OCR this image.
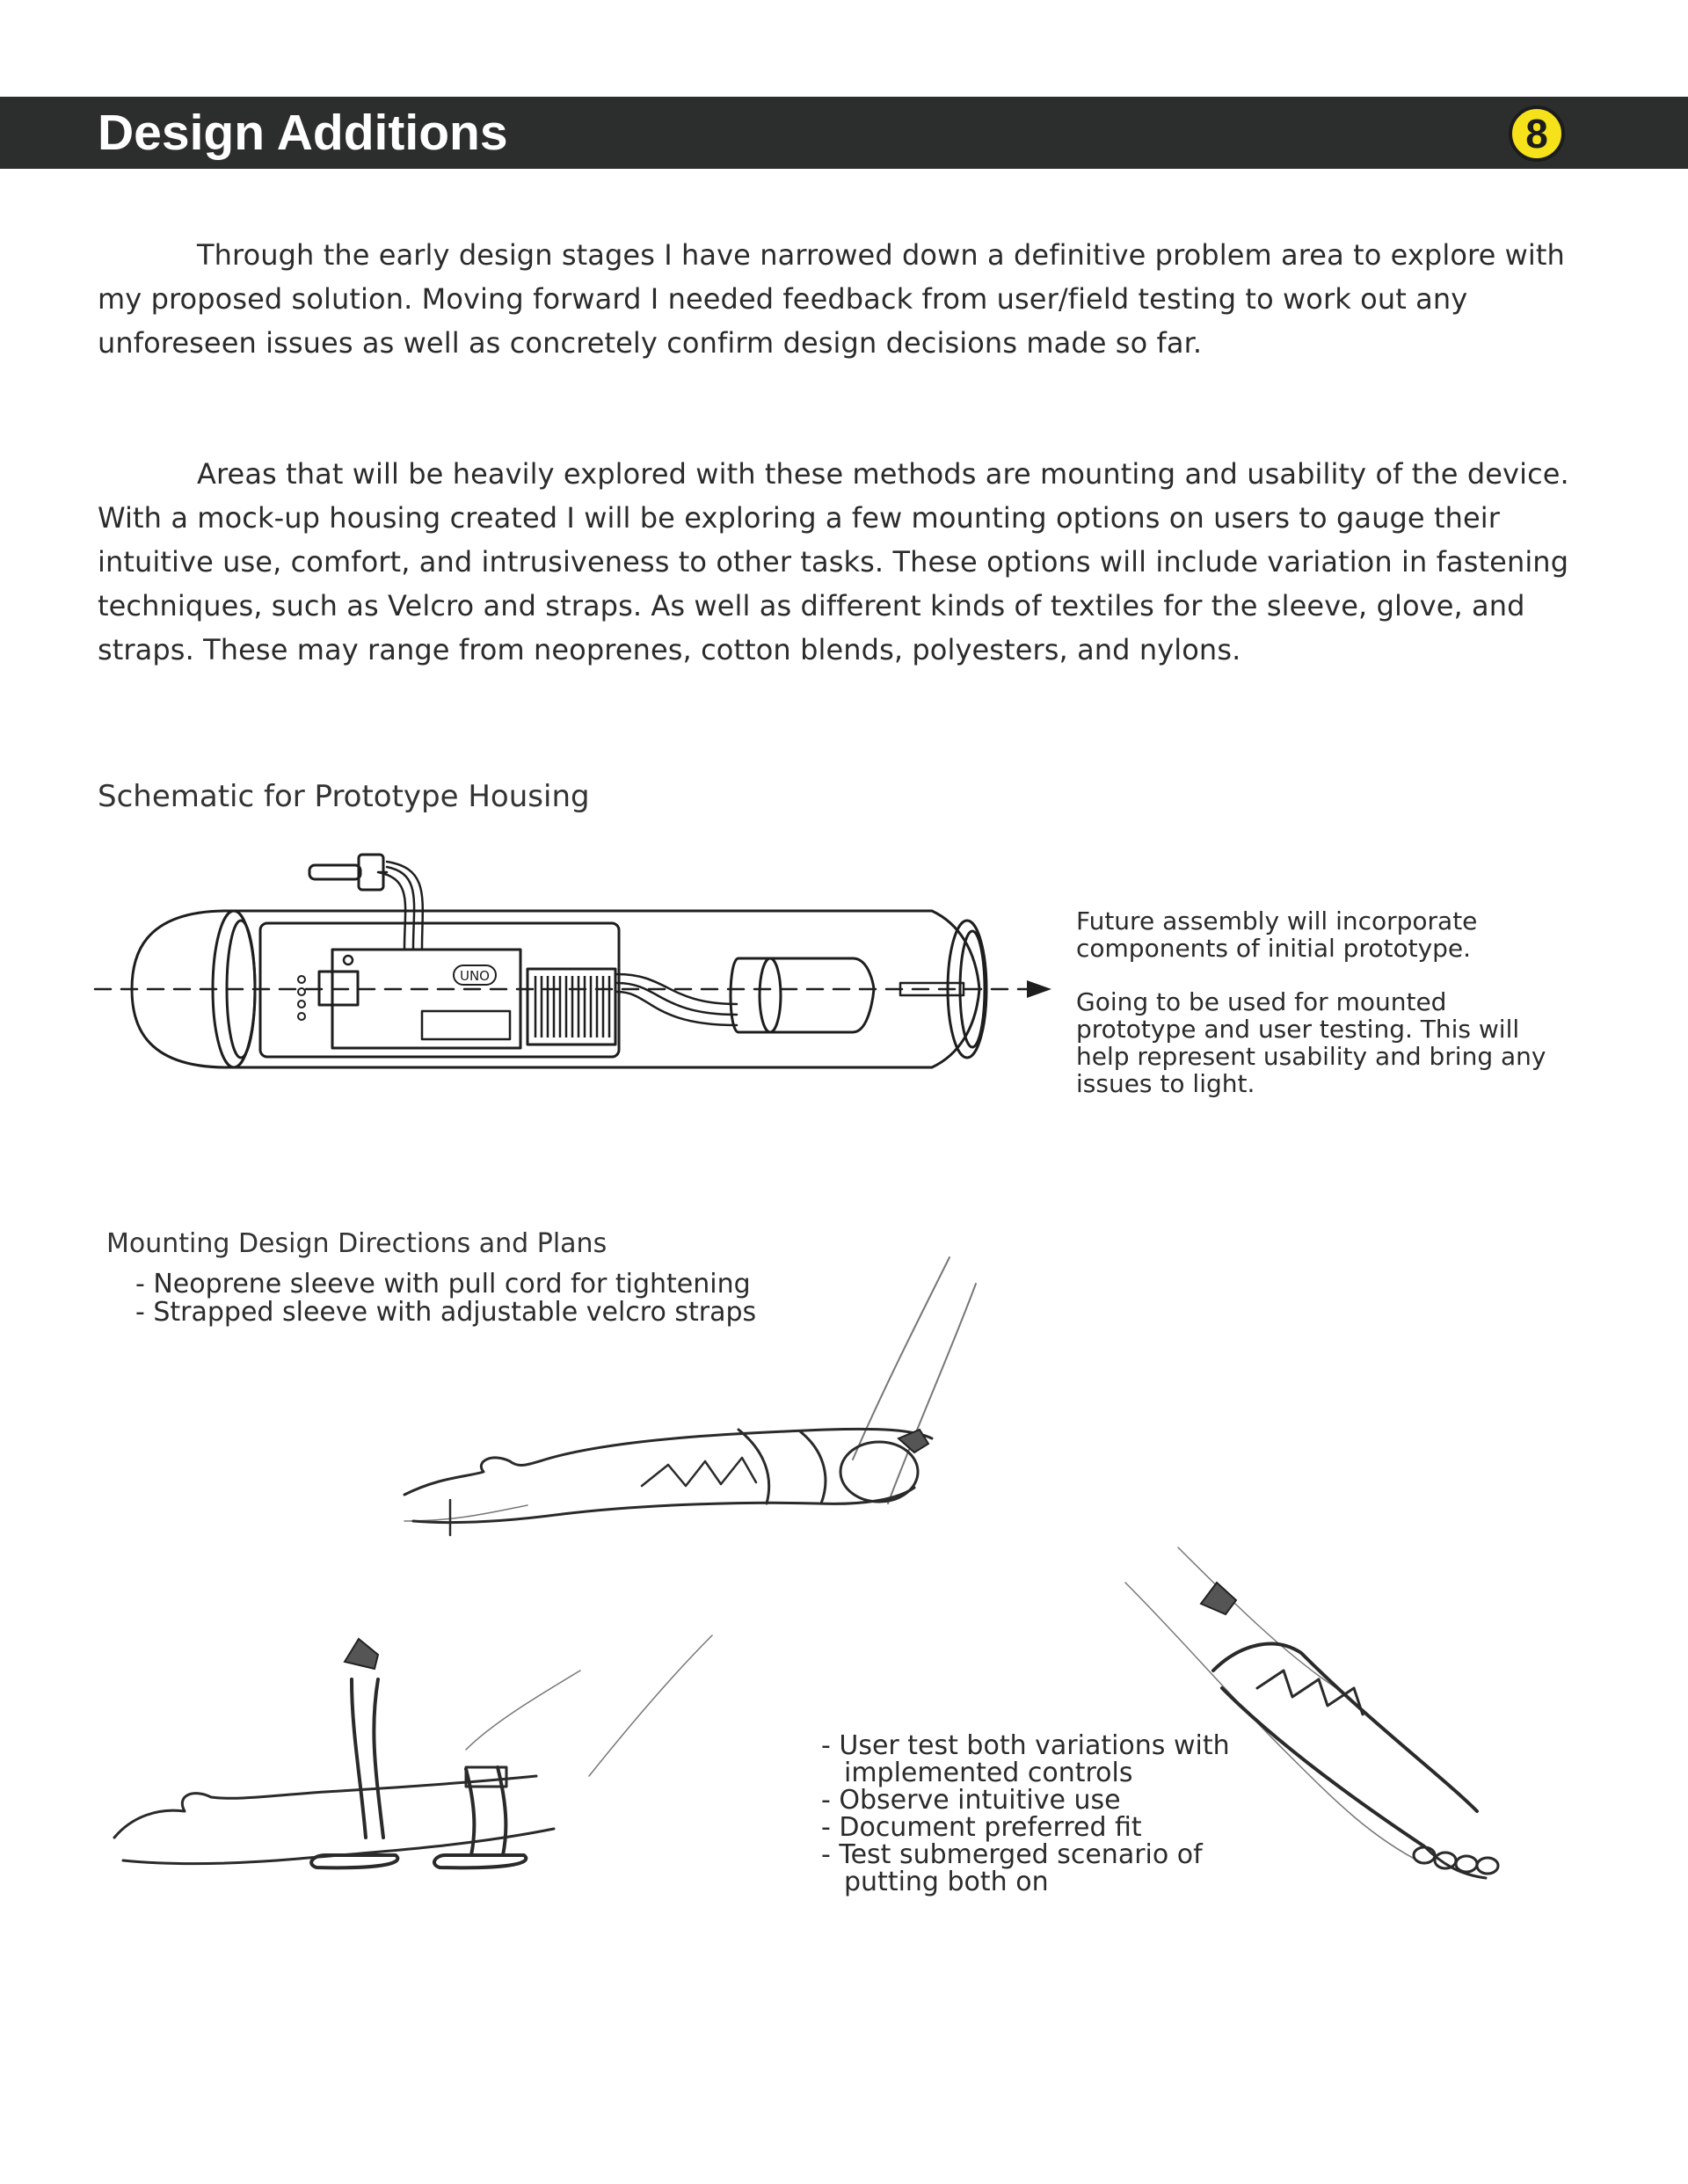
Design Additions	8

Through the early design stages I have narrowed down a definitive problem area to explore with my proposed solution. Moving forward I needed feedback from user/field testing to work out any unforeseen issues as well as concretely confirm design decisions made so far.

Areas that will be heavily explored with these methods are mounting and usability of the device. With a mock-up housing created I will be exploring a few mounting options on users to gauge their intuitive use, comfort, and intrusiveness to other tasks. These options will include variation in fastening techniques, such as Velcro and straps. As well as different kinds of textiles for the sleeve, glove, and straps. These may range from neoprenes, cotton blends, polyesters, and nylons.

Schematic for Prototype Housing
UNO

Future assembly will incorporate

components of initial prototype.

Going to be used for mounted

prototype and user testing. This will

help represent usability and bring any

issues to light.

Mounting Design Directions and Plans
- Neoprene sleeve with pull cord for tightening
- Strapped sleeve with adjustable velcro straps
- User test both variations with
implemented controls
- Observe intuitive use
- Document preferred fit
- Test submerged scenario of
putting both on
